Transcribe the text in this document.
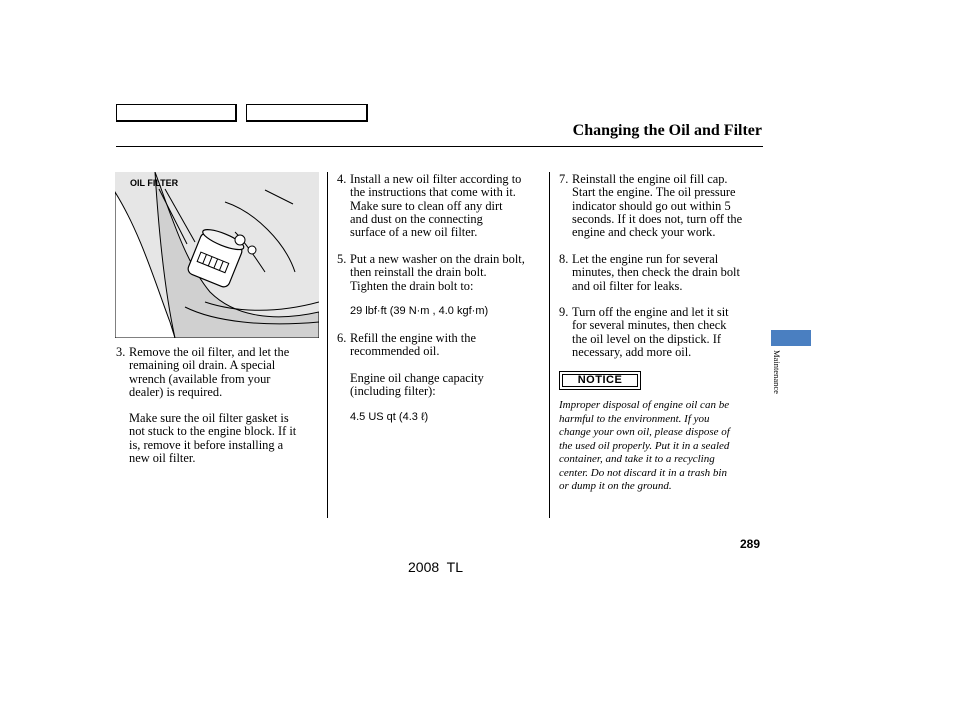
Changing the Oil and Filter
OIL FILTER
3. Remove the oil filter, and let the
remaining oil drain. A special
wrench (available from your
dealer) is required.
Make sure the oil filter gasket is
not stuck to the engine block. If it
is, remove it before installing a
new oil filter.
4. Install a new oil filter according to
the instructions that come with it.
Make sure to clean off any dirt
and dust on the connecting
surface of a new oil filter.
5. Put a new washer on the drain bolt,
then reinstall the drain bolt.
Tighten the drain bolt to:
29 lbf·ft (39 N·m , 4.0 kgf·m)
6. Refill the engine with the
recommended oil.
Engine oil change capacity
(including filter):
4.5 US qt (4.3 ℓ)
7. Reinstall the engine oil fill cap.
Start the engine. The oil pressure
indicator should go out within 5
seconds. If it does not, turn off the
engine and check your work.
8. Let the engine run for several
minutes, then check the drain bolt
and oil filter for leaks.
9. Turn off the engine and let it sit
for several minutes, then check
the oil level on the dipstick. If
necessary, add more oil.
NOTICE
Improper disposal of engine oil can be
harmful to the environment. If you
change your own oil, please dispose of
the used oil properly. Put it in a sealed
container, and take it to a recycling
center. Do not discard it in a trash bin
or dump it on the ground.
Maintenance
289
2008  TL
